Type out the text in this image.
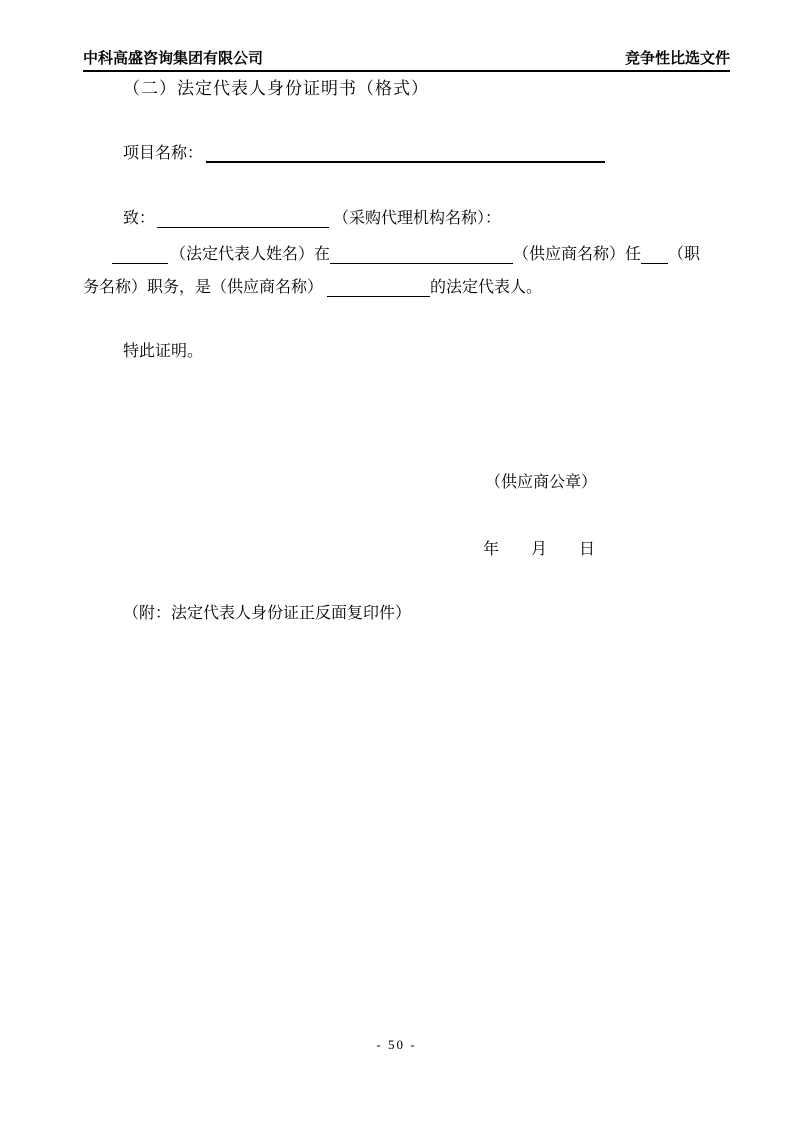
中科高盛咨询集团有限公司	竞争性比选文件
（二）法定代表人身份证明书（格式）
项目名称：
致：	（采购代理机构名称）：
（法定代表人姓名）在	（供应商名称）任 （职
务名称）职务，是（供应商名称）	的法定代表人。
特此证明。
（供应商公章）
年 月 日
（附：法定代表人身份证正反面复印件）
- 50 -
